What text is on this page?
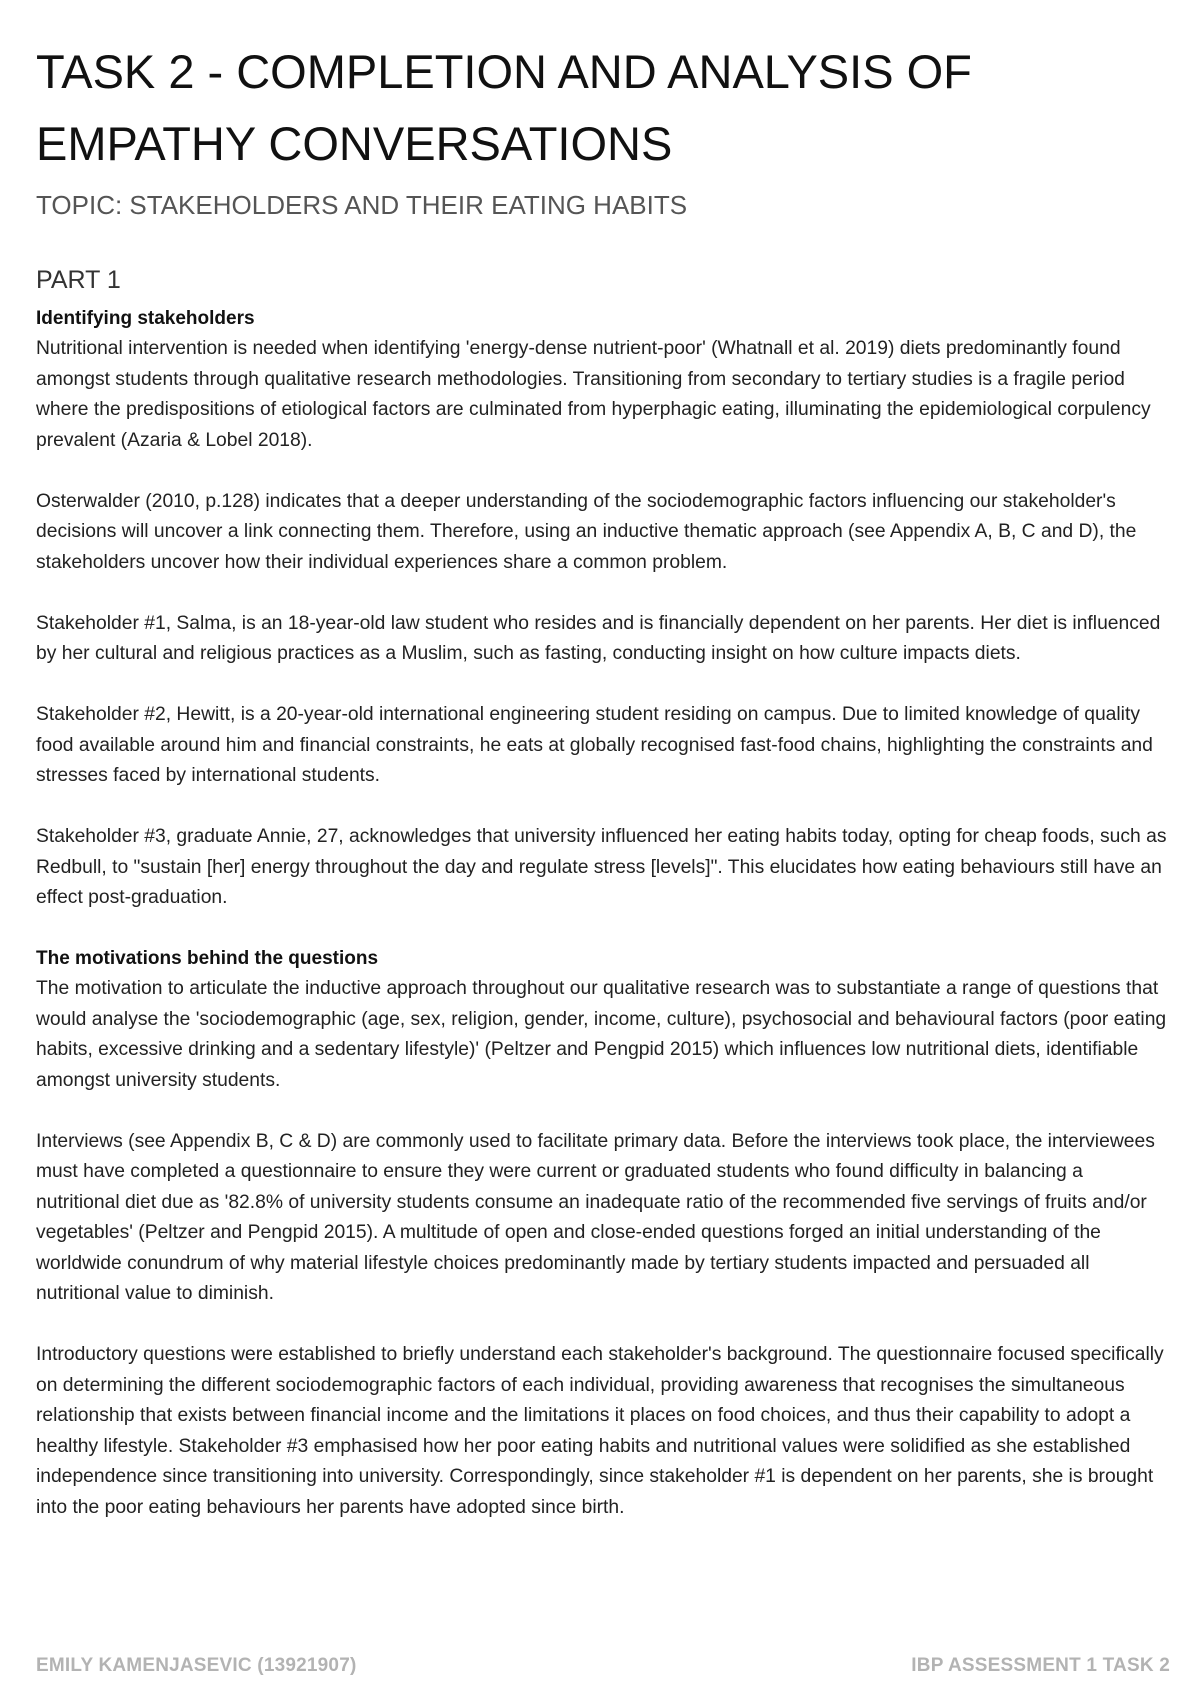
TASK 2 - COMPLETION AND ANALYSIS OF
EMPATHY CONVERSATIONS
TOPIC: STAKEHOLDERS AND THEIR EATING HABITS
PART 1
Identifying stakeholders

Nutritional intervention is needed when identifying 'energy-dense nutrient-poor' (Whatnall et al. 2019) diets predominantly found amongst students through qualitative research methodologies. Transitioning from secondary to tertiary studies is a fragile period where the predispositions of etiological factors are culminated from hyperphagic eating, illuminating the epidemiological corpulency prevalent (Azaria & Lobel 2018).

Osterwalder (2010, p.128) indicates that a deeper understanding of the sociodemographic factors influencing our stakeholder's decisions will uncover a link connecting them. Therefore, using an inductive thematic approach (see Appendix A, B, C and D), the stakeholders uncover how their individual experiences share a common problem.

Stakeholder #1, Salma, is an 18-year-old law student who resides and is financially dependent on her parents. Her diet is influenced by her cultural and religious practices as a Muslim, such as fasting, conducting insight on how culture impacts diets.

Stakeholder #2, Hewitt, is a 20-year-old international engineering student residing on campus. Due to limited knowledge of quality food available around him and financial constraints, he eats at globally recognised fast-food chains, highlighting the constraints and stresses faced by international students.

Stakeholder #3, graduate Annie, 27, acknowledges that university influenced her eating habits today, opting for cheap foods, such as Redbull, to "sustain [her] energy throughout the day and regulate stress [levels]". This elucidates how eating behaviours still have an effect post-graduation.

The motivations behind the questions

The motivation to articulate the inductive approach throughout our qualitative research was to substantiate a range of questions that would analyse the 'sociodemographic (age, sex, religion, gender, income, culture), psychosocial and behavioural factors (poor eating habits, excessive drinking and a sedentary lifestyle)' (Peltzer and Pengpid 2015) which influences low nutritional diets, identifiable amongst university students.

Interviews (see Appendix B, C & D) are commonly used to facilitate primary data. Before the interviews took place, the interviewees must have completed a questionnaire to ensure they were current or graduated students who found difficulty in balancing a nutritional diet due as '82.8% of university students consume an inadequate ratio of the recommended five servings of fruits and/or vegetables' (Peltzer and Pengpid 2015). A multitude of open and close-ended questions forged an initial understanding of the worldwide conundrum of why material lifestyle choices predominantly made by tertiary students impacted and persuaded all nutritional value to diminish.

Introductory questions were established to briefly understand each stakeholder's background. The questionnaire focused specifically on determining the different sociodemographic factors of each individual, providing awareness that recognises the simultaneous relationship that exists between financial income and the limitations it places on food choices, and thus their capability to adopt a healthy lifestyle. Stakeholder #3 emphasised how her poor eating habits and nutritional values were solidified as she established independence since transitioning into university. Correspondingly, since stakeholder #1 is dependent on her parents, she is brought into the poor eating behaviours her parents have adopted since birth.

EMILY KAMENJASEVIC (13921907)	IBP ASSESSMENT 1 TASK 2
